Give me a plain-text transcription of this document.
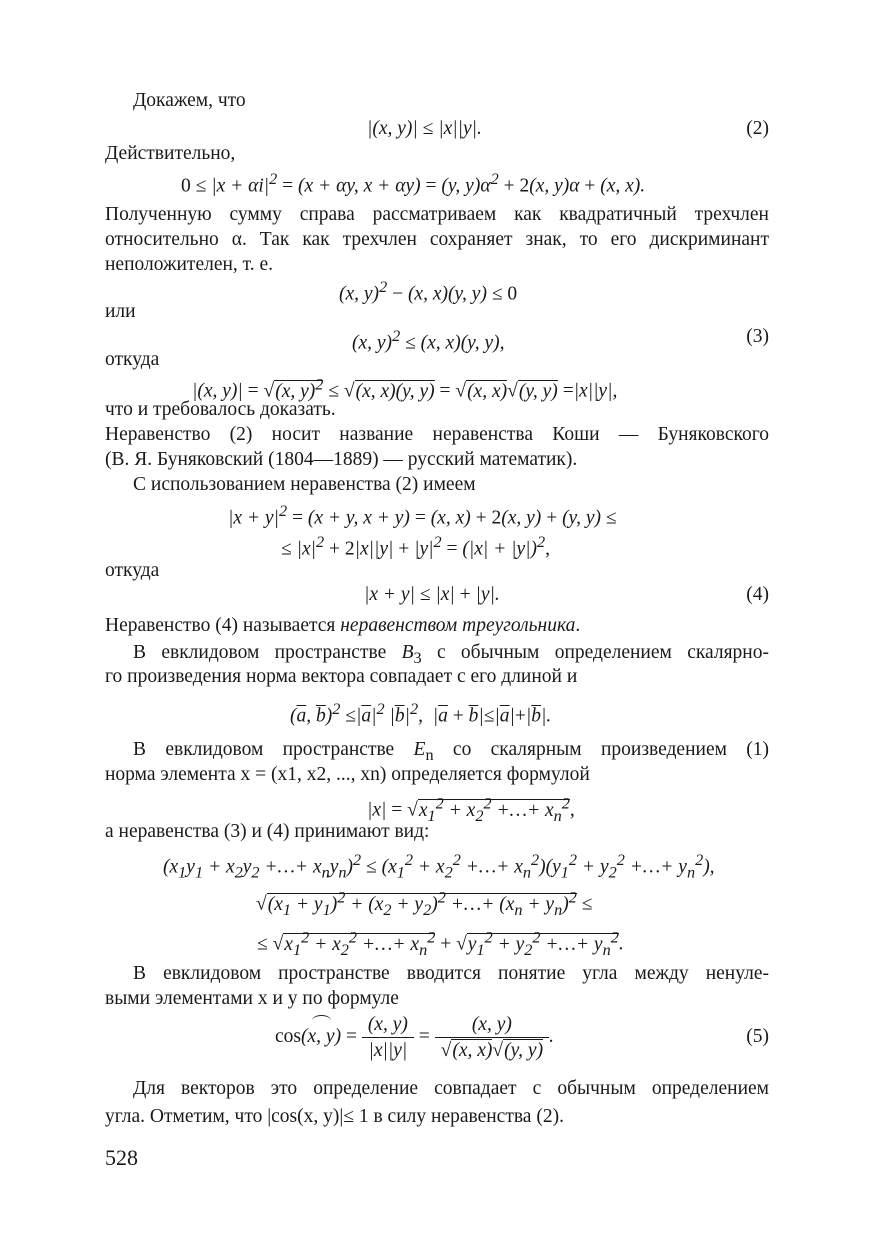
Докажем, что
|(x, y)| ≤ |x||y|.	(2)
Действительно,
$0 \le |x + \alpha i|^2 = (x + \alpha y$, x + αy) = (y, $y)\alpha^2 + 2(x$, y)α + (x, x).
Полученную сумму справа рассматриваем как квадратичный трехчлен
относительно α. Так как трехчлен сохраняет знак, то его дискриминант
неположителен, т. е.
(x, y)$^2$ − (x, x)(y, y) ≤ 0
или
(x, y)$^2$ ≤ (x, x)(y, y),	(3)
откуда
|(x, y)| = √(x, y)$^2$ ≤ √(x, x)(y, y) = √(x, x)√(y, y) =|x||y|,
что и требовалось доказать.
Неравенство (2) носит название неравенства Коши — Буняковского
(В. Я. Буняковский (1804—1889) — русский математик).
С использованием неравенства (2) имеем
$|x + y|^2 = (x + y$, x + y) = (x, x) + 2(x, y) + (y, y) ≤
≤ $|x|^2 + 2|x||y| + |y|^2 = (|x| + |y|)^2$,
откуда
|x + y| ≤ |x| + |y|.	(4)
Неравенство (4) называется неравенством треугольника.
В евклидовом пространстве $B_3$ с обычным определением скалярно-
го произведения норма вектора совпадает с его длиной и
($\overline{a}$, $\overline{b})^2 \le|\overline{a}|^2$ $|\overline{b}|^2$,  $|\overline{a} + \overline{b}|\le|\overline{a}|+|\overline{b}|$.
В евклидовом пространстве $E_n$ со скалярным произведением (1)
норма элемента x = (x1, x2, ..., xn) определяется формулой
$|x| = √x_1^2 + x_2^2$ +…+ $x_n^2$,
а неравенства (3) и (4) принимают вид:
($x_1y_1 + x_2y_2$ +…+ $x_ny_n)^2 \le (x_1^2 + x_2^2$ +…+ $x_n^2)(y_1^2 + y_2^2$ +…+ $y_n^2$),
$√(x_1 + y_1)^2 + (x_2 + y_2)^2$ +…+ $(x_n + y_n)^2$ ≤
≤ $√x_1^2 + x_2^2$ +…+ $x_n^2 + √y_1^2 + y_2^2$ +…+ $y_n^2$.
В евклидовом пространстве вводится понятие угла между ненуле-
выми элементами x и y по формуле
cos(x, $y) = \frac{(x, y)}{|x||y|} = \frac{(x, y)}{√(x, x)√(y, y)}$ .	(5)
Для векторов это определение совпадает с обычным определением
угла. Отметим, что |cos(x, y)|≤ 1 в силу неравенства (2).
528
